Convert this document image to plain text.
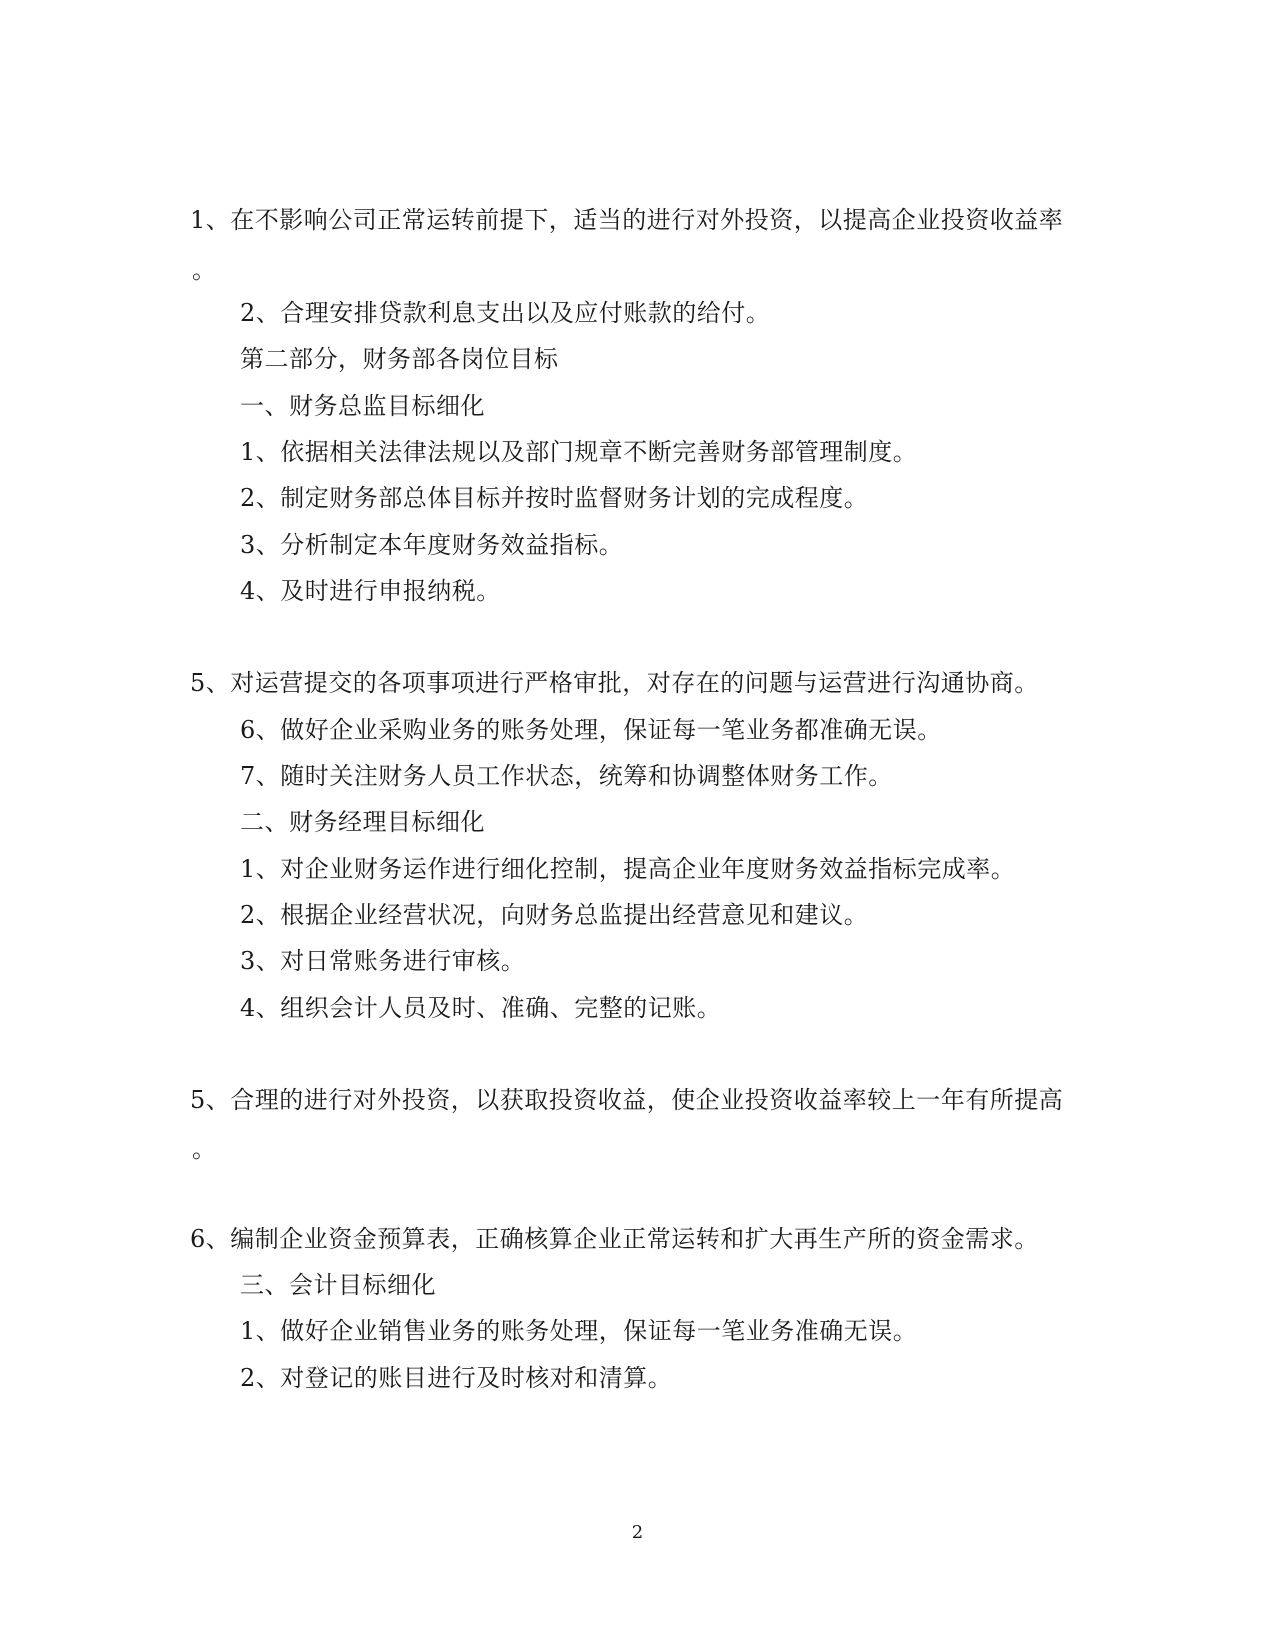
1、在不影响公司正常运转前提下，适当的进行对外投资，以提高企业投资收益率
。
2、合理安排贷款利息支出以及应付账款的给付。
第二部分，财务部各岗位目标
一、财务总监目标细化
1、依据相关法律法规以及部门规章不断完善财务部管理制度。
2、制定财务部总体目标并按时监督财务计划的完成程度。
3、分析制定本年度财务效益指标。
4、及时进行申报纳税。
5、对运营提交的各项事项进行严格审批，对存在的问题与运营进行沟通协商。
6、做好企业采购业务的账务处理，保证每一笔业务都准确无误。
7、随时关注财务人员工作状态，统筹和协调整体财务工作。
二、财务经理目标细化
1、对企业财务运作进行细化控制，提高企业年度财务效益指标完成率。
2、根据企业经营状况，向财务总监提出经营意见和建议。
3、对日常账务进行审核。
4、组织会计人员及时、准确、完整的记账。
5、合理的进行对外投资，以获取投资收益，使企业投资收益率较上一年有所提高
。
6、编制企业资金预算表，正确核算企业正常运转和扩大再生产所的资金需求。
三、会计目标细化
1、做好企业销售业务的账务处理，保证每一笔业务准确无误。
2、对登记的账目进行及时核对和清算。
2
